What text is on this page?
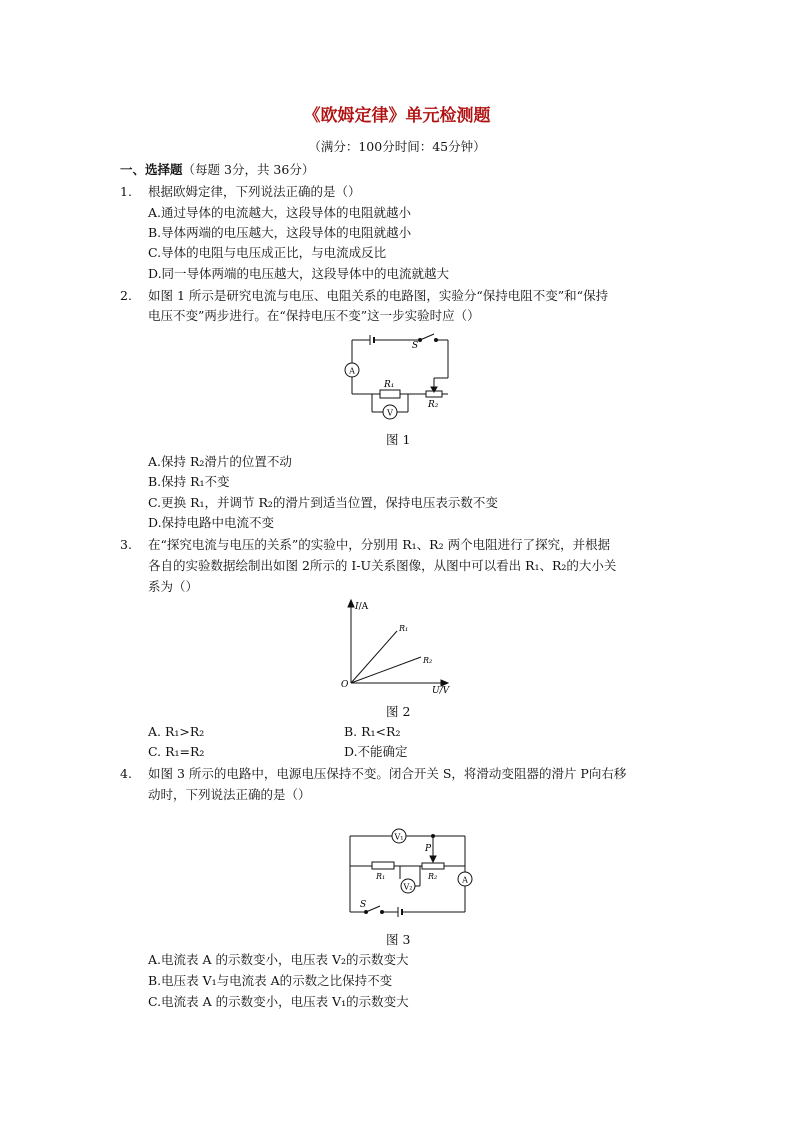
《欧姆定律》单元检测题
（满分：100分时间：45分钟）
一、选择题（每题 3分，共 36分）
1. 根据欧姆定律，下列说法正确的是（）
A.通过导体的电流越大，这段导体的电阻就越小
B.导体两端的电压越大，这段导体的电阻就越小
C.导体的电阻与电压成正比，与电流成反比
D.同一导体两端的电压越大，这段导体中的电流就越大
2. 如图 1 所示是研究电流与电压、电阻关系的电路图，实验分“保持电阻不变”和“保持
电压不变”两步进行。在“保持电压不变”这一步实验时应（）
A
V
S
R₁
R₂
图 1
A.保持 R₂滑片的位置不动
B.保持 R₁不变
C.更换 R₁，并调节 R₂的滑片到适当位置，保持电压表示数不变
D.保持电路中电流不变
3. 在“探究电流与电压的关系”的实验中，分别用 R₁、R₂ 两个电阻进行了探究，并根据
各自的实验数据绘制出如图 2所示的 I-U关系图像，从图中可以看出 R₁、R₂的大小关
系为（）
I/A
U/V
O
R₁
R₂
图 2
A. R₁>R₂	B. R₁<R₂
C. R₁=R₂	D.不能确定
4. 如图 3 所示的电路中，电源电压保持不变。闭合开关 S，将滑动变阻器的滑片 P向右移
动时，下列说法正确的是（）
V₁
V₂
A
P
R₁	R₂
S
图 3
A.电流表 A 的示数变小，电压表 V₂的示数变大
B.电压表 V₁与电流表 A的示数之比保持不变
C.电流表 A 的示数变小，电压表 V₁的示数变大
